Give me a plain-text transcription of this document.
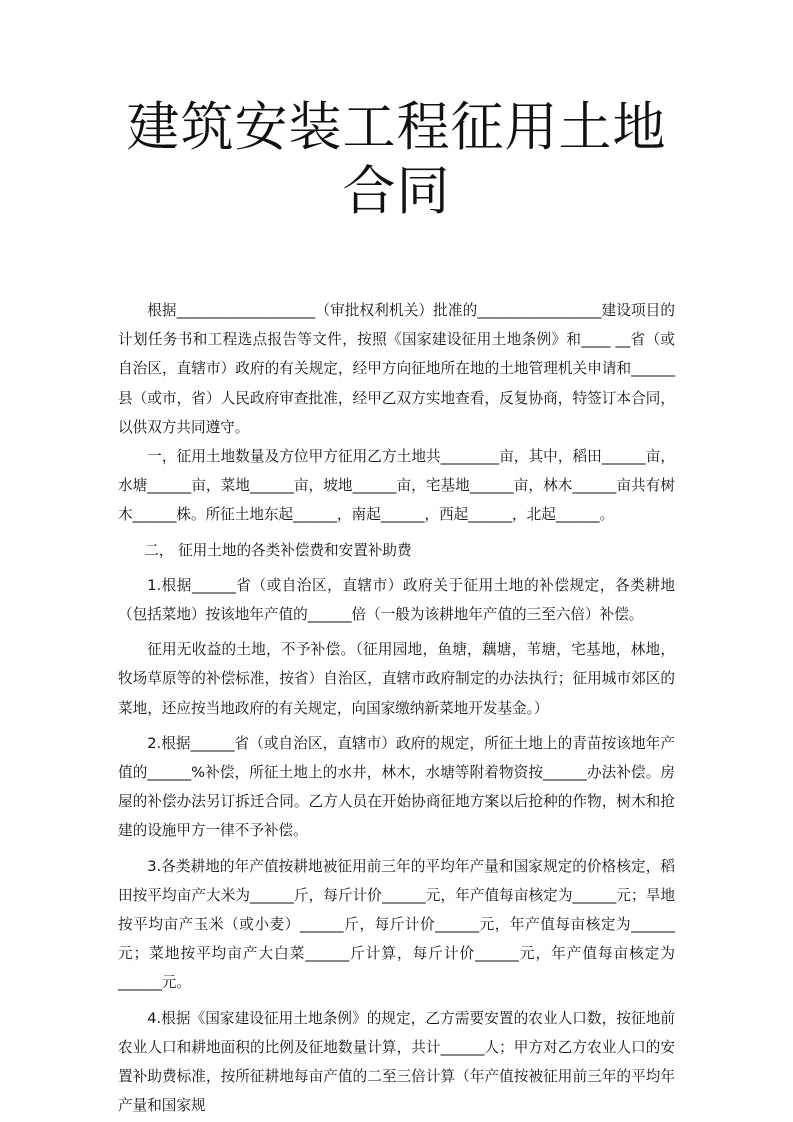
建筑安装工程征用土地
合同

根据___________________（审批权利机关）批准的_________________建设项目的计划任务书和工程选点报告等文件，按照《国家建设征用土地条例》和____ __省（或自治区，直辖市）政府的有关规定，经甲方向征地所在地的土地管理机关申请和______县（或市，省）人民政府审查批准，经甲乙双方实地查看，反复协商，特签订本合同，以供双方共同遵守。

一，征用土地数量及方位甲方征用乙方土地共________亩，其中，稻田______亩，水塘______亩，菜地______亩，坡地______亩，宅基地______亩，林木______亩共有树木______株。所征土地东起______，南起______，西起______，北起______。

二， 征用土地的各类补偿费和安置补助费

1.根据______省（或自治区，直辖市）政府关于征用土地的补偿规定，各类耕地（包括菜地）按该地年产值的______倍（一般为该耕地年产值的三至六倍）补偿。

征用无收益的土地，不予补偿。（征用园地，鱼塘，藕塘，苇塘，宅基地，林地，牧场草原等的补偿标准，按省）自治区，直辖市政府制定的办法执行；征用城市郊区的菜地，还应按当地政府的有关规定，向国家缴纳新菜地开发基金。）

2.根据______省（或自治区，直辖市）政府的规定，所征土地上的青苗按该地年产值的______%补偿，所征土地上的水井，林木，水塘等附着物资按______办法补偿。房屋的补偿办法另订拆迁合同。乙方人员在开始协商征地方案以后抢种的作物，树木和抢建的设施甲方一律不予补偿。

3.各类耕地的年产值按耕地被征用前三年的平均年产量和国家规定的价格核定，稻田按平均亩产大米为______斤，每斤计价______元，年产值每亩核定为______元；旱地按平均亩产玉米（或小麦）______斤，每斤计价______元，年产值每亩核定为______元；菜地按平均亩产大白菜______斤计算，每斤计价______元，年产值每亩核定为______元。

4.根据《国家建设征用土地条例》的规定，乙方需要安置的农业人口数，按征地前农业人口和耕地面积的比例及征地数量计算，共计______人；甲方对乙方农业人口的安置补助费标准，按所征耕地每亩产值的二至三倍计算（年产值按被征用前三年的平均年产量和国家规
